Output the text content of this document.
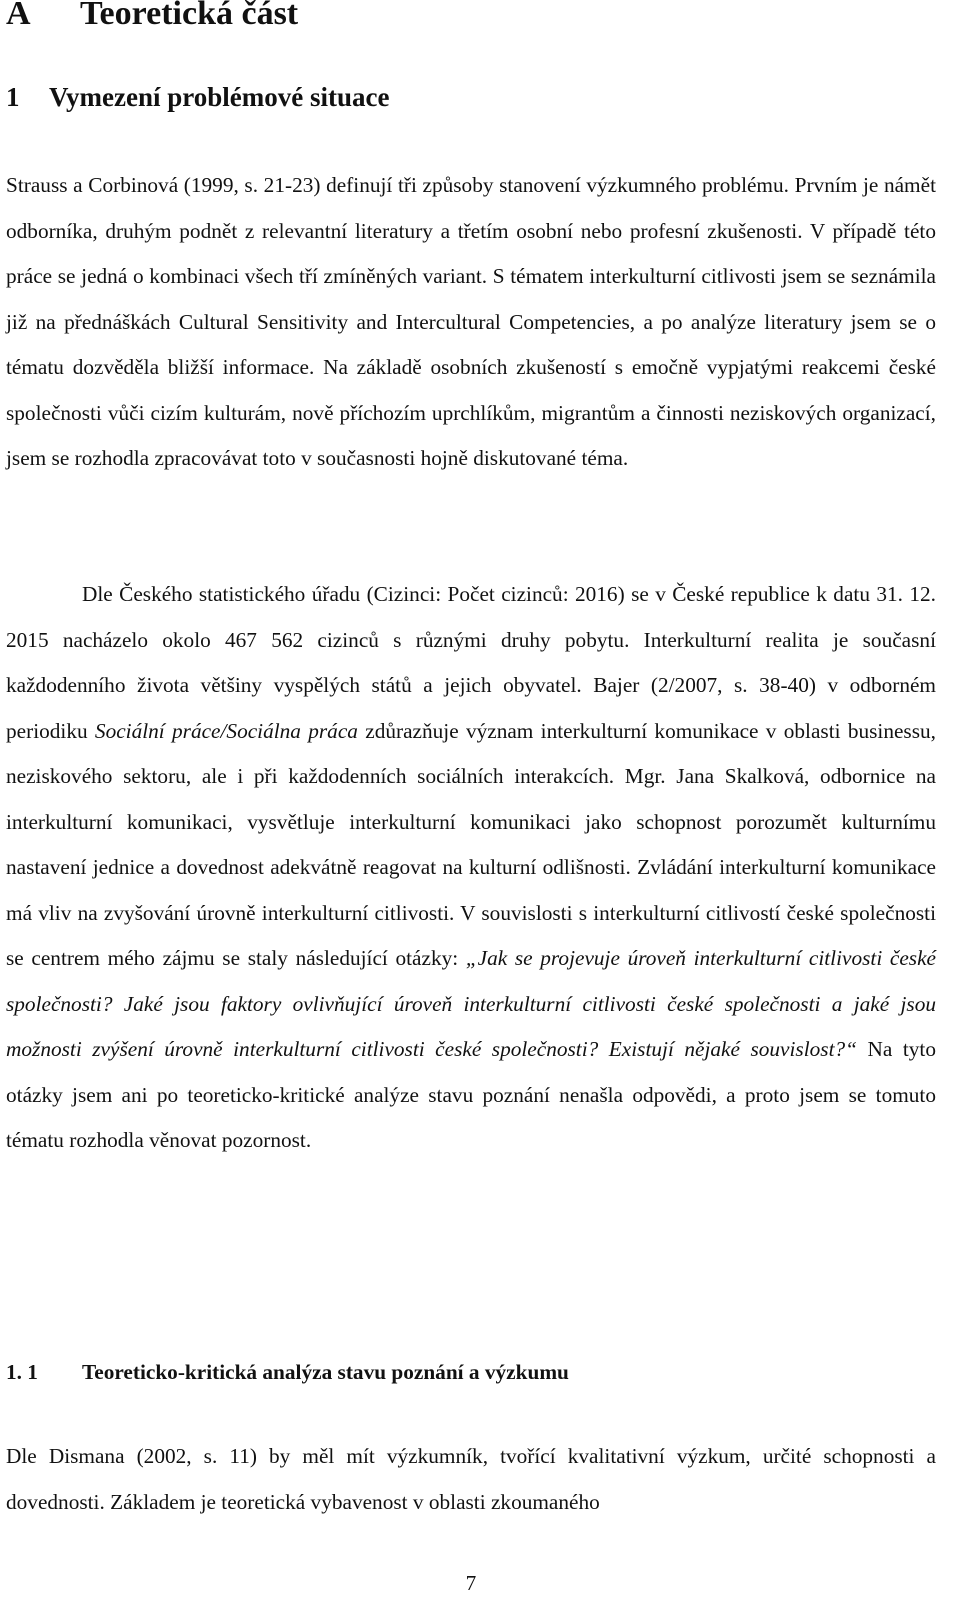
A Teoretická část
1 Vymezení problémové situace

Strauss a Corbinová (1999, s. 21-23) definují tři způsoby stanovení výzkumného problému. Prvním je námět odborníka, druhým podnět z relevantní literatury a třetím osobní nebo profesní zkušenosti. V případě této práce se jedná o kombinaci všech tří zmíněných variant. S tématem interkulturní citlivosti jsem se seznámila již na přednáškách Cultural Sensitivity and Intercultural Competencies, a po analýze literatury jsem se o tématu dozvěděla bližší informace. Na základě osobních zkušeností s emočně vypjatými reakcemi české společnosti vůči cizím kulturám, nově příchozím uprchlíkům, migrantům a činnosti neziskových organizací, jsem se rozhodla zpracovávat toto v současnosti hojně diskutované téma.

Dle Českého statistického úřadu (Cizinci: Počet cizinců: 2016) se v České republice k datu 31. 12. 2015 nacházelo okolo 467 562 cizinců s různými druhy pobytu. Interkulturní realita je současní každodenního života většiny vyspělých států a jejich obyvatel. Bajer (2/2007, s. 38-40) v odborném periodiku Sociální práce/Sociálna práca zdůrazňuje význam interkulturní komunikace v oblasti businessu, neziskového sektoru, ale i při každodenních sociálních interakcích. Mgr. Jana Skalková, odbornice na interkulturní komunikaci, vysvětluje interkulturní komunikaci jako schopnost porozumět kulturnímu nastavení jednice a dovednost adekvátně reagovat na kulturní odlišnosti. Zvládání interkulturní komunikace má vliv na zvyšování úrovně interkulturní citlivosti. V souvislosti s interkulturní citlivostí české společnosti se centrem mého zájmu se staly následující otázky: „Jak se projevuje úroveň interkulturní citlivosti české společnosti? Jaké jsou faktory ovlivňující úroveň interkulturní citlivosti české společnosti a jaké jsou možnosti zvýšení úrovně interkulturní citlivosti české společnosti? Existují nějaké souvislost?“ Na tyto otázky jsem ani po teoreticko-kritické analýze stavu poznání nenašla odpovědi, a proto jsem se tomuto tématu rozhodla věnovat pozornost.

1. 1 Teoreticko-kritická analýza stavu poznání a výzkumu

Dle Dismana (2002, s. 11) by měl mít výzkumník, tvořící kvalitativní výzkum, určité schopnosti a dovednosti. Základem je teoretická vybavenost v oblasti zkoumaného

7
